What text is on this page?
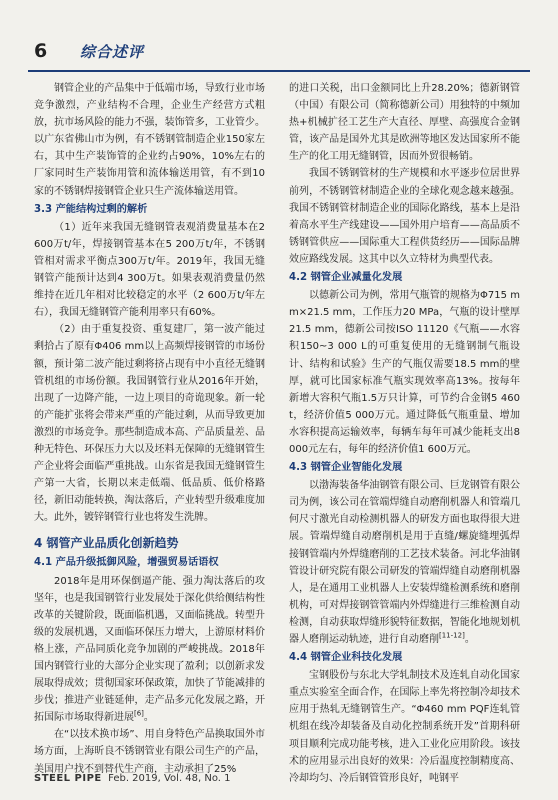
6 综合述评

钢管企业的产品集中于低端市场，导致行业市场竞争激烈，产业结构不合理，企业生产经营方式粗放，抗市场风险的能力不强，装饰管多，工业管少。以广东省佛山市为例，有不锈钢管制造企业150家左右，其中生产装饰管的企业约占90%，10%左右的厂家同时生产装饰用管和流体输送用管，有不到10家的不锈钢焊接钢管企业只生产流体输送用管。

3.3 产能结构过剩的解析

（1）近年来我国无缝钢管表观消费量基本在2 600万t/年，焊接钢管基本在5 200万t/年，不锈钢管相对需求平衡点300万t/年。2019年，我国无缝钢管产能预计达到4 300万t。如果表观消费量仍然维持在近几年相对比较稳定的水平（2 600万t/年左右），我国无缝钢管产能利用率只有60%。

（2）由于重复投资、重复建厂，第一波产能过剩拾占了原有Φ406 mm以上高频焊接钢管的市场份额，预计第二波产能过剩将挤占现有中小直径无缝钢管机组的市场份额。我国钢管行业从2016年开始，出现了一边降产能，一边上项目的奇诡现象。新一轮的产能扩张将会带来严重的产能过剩，从而导致更加激烈的市场竞争。那些制造成本高、产品质量差、品种无特色、环保压力大以及坯料无保障的无缝钢管生产企业将会面临严重挑战。山东省是我国无缝钢管生产第一大省，长期以来走低端、低品质、低价格路径，新旧动能转换，淘汰落后，产业转型升级难度加大。此外，镀锌钢管行业也将发生洗牌。

4 钢管产业品质化创新趋势
4.1 产品升级抵御风险，增强贸易话语权

2018年是用环保倒逼产能、强力淘汰落后的攻坚年，也是我国钢管行业发展处于深化供给侧结构性改革的关键阶段，既面临机遇，又面临挑战。转型升级的发展机遇，又面临环保压力增大，上游原材料价格上涨，产品同质化竞争加剧的严峻挑战。2018年国内钢管行业的大部分企业实现了盈利；以创新求发展取得成效；贯彻国家环保政策，加快了节能减排的步伐；推进产业链延伸，走产品多元化发展之路，开拓国际市场取得新进展[6]。

在“以技术换市场”、用自身特色产品换取国外市场方面，上海昕良不锈钢管业有限公司生产的产品，美国用户找不到替代生产商，主动承担了25%

的进口关税，出口金额同比上升28.20%；德新钢管（中国）有限公司（简称德新公司）用独特的中频加热+机械扩径工艺生产大直径、厚壁、高强度合金钢管，该产品是国外尤其是欧洲等地区发达国家所不能生产的化工用无缝钢管，因而外贸很畅销。

我国不锈钢管材的生产规模和水平逐步位居世界前列，不锈钢管材制造企业的全球化观念越来越强。我国不锈钢管材制造企业的国际化路线，基本上是沿着高水平生产线建设——国外用户培育——高品质不锈钢管供应——国际重大工程供货经历——国际品牌效应路线发展。这其中以久立特材为典型代表。

4.2 钢管企业减量化发展

以德新公司为例，常用气瓶管的规格为Φ715 mm×21.5 mm，工作压力20 MPa，气瓶的设计壁厚21.5 mm，德新公司按ISO 11120《气瓶——水容积150~3 000 L的可重复使用的无缝钢制气瓶设计、结构和试验》生产的气瓶仅需要18.5 mm的壁厚，就可比国家标准气瓶实现效率高13%。按每年新增大容积气瓶1.5万只计算，可节约合金钢5 460 t，经济价值5 000万元。通过降低气瓶重量、增加水容积提高运输效率，每辆车每年可减少能耗支出8 000元左右，每年的经济价值1 600万元。

4.3 钢管企业智能化发展

以渤海装备华油钢管有限公司、巨龙钢管有限公司为例，该公司在管端焊缝自动磨削机器人和管端几何尺寸激光自动检测机器人的研发方面也取得很大进展。管端焊缝自动磨削机是用于直缝/螺旋缝埋弧焊接钢管端内外焊缝磨削的工艺技术装备。河北华油钢管设计研究院有限公司研发的管端焊缝自动磨削机器人，是在通用工业机器人上安装焊缝检测系统和磨削机构，可对焊接钢管管端内外焊缝进行三维检测自动检测，自动获取焊缝形貌特征数据，智能化地规划机器人磨削运动轨迹，进行自动磨削[11-12]。

4.4 钢管企业科技化发展

宝钢股份与东北大学轧制技术及连轧自动化国家重点实验室全面合作，在国际上率先将控制冷却技术应用于热轧无缝钢管生产。“Φ460 mm PQF连轧管机组在线冷却装备及自动化控制系统开发”首期科研项目顺利完成功能考核，进入工业化应用阶段。该技术的应用显示出良好的效果：冷后温度控制精度高、冷却均匀、冷后钢管管形良好，吨钢平

STEEL PIPE Feb. 2019, Vol. 48, No. 1
